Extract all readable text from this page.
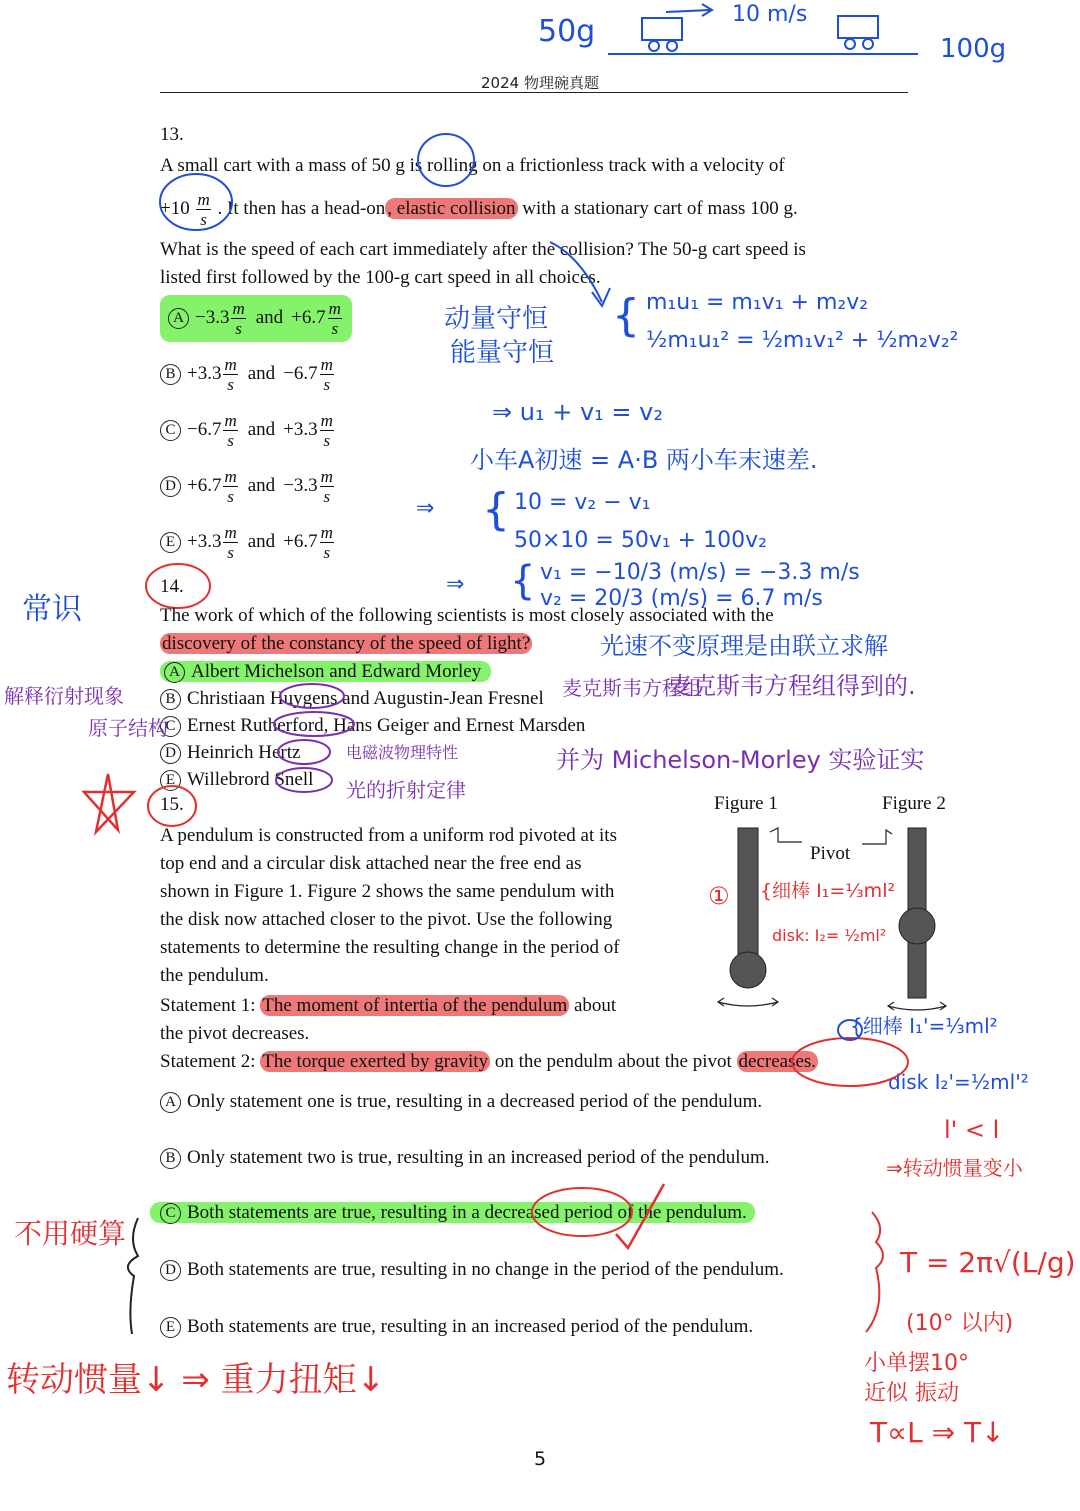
2024 物理碗真题
50g	10 m/s
100g
13.
A small cart with a mass of 50 g is rolling on a frictionless track with a velocity of
$+10 \frac{m}{s}$ . It then has a head-on , elastic collision with a stationary cart of mass 100 g.
What is the speed of each cart immediately after the collision? The 50-g cart speed is
listed first followed by the 100-g cart speed in all choices.
$A -3.3 \frac{m}{s}$ and $+6.7 \frac{m}{s}$
$B +3.3 \frac{m}{s}$ and $-6.7 \frac{m}{s}$
$C -6.7 \frac{m}{s}$ and $+3.3 \frac{m}{s}$
$D +6.7 \frac{m}{s}$ and $-3.3 \frac{m}{s}$
$E +3.3 \frac{m}{s}$ and $+6.7 \frac{m}{s}$
动量守恒
能量守恒
{ m₁u₁ = m₁v₁ + m₂v₂
½m₁u₁² = ½m₁v₁² + ½m₂v₂²
⇒ u₁ + v₁ = v₂
小车A初速 = A·B 两小车末速差.
⇒ { 10 = v₂ − v₁
50×10 = 50v₁ + 100v₂
⇒ { v₁ = −10/3 (m/s) = −3.3 m/s
v₂ = 20/3 (m/s) = 6.7 m/s
14.
常识	The work of which of the following scientists is most closely associated with the
discovery of the constancy of the speed of light?	光速不变原理是由联立求解
A Albert Michelson and Edward Morley
B Christiaan Huygens and Augustin-Jean Fresnel
C Ernest Rutherford, Hans Geiger and Ernest Marsden
D Heinrich Hertz
E Willebrord Snell
麦克斯韦方程组
麦克斯韦方程组得到的.
并为 Michelson-Morley 实验证实
解释衍射现象
原子结构
电磁波物理特性
光的折射定律
15.
A pendulum is constructed from a uniform rod pivoted at its
top end and a circular disk attached near the free end as
shown in Figure 1. Figure 2 shows the same pendulum with
the disk now attached closer to the pivot. Use the following
statements to determine the resulting change in the period of
the pendulum.
Statement 1: The moment of intertia of the pendulum about
the pivot decreases.
Statement 2: The torque exerted by gravity on the pendulm about the pivot decreases.
Figure 1	Figure 2
Pivot
① {细棒 I₁=⅓ml²
disk: I₂= ½ml²
{细棒 I₁'=⅓ml²
disk I₂'=½ml'²
l' < l
⇒转动惯量变小
A Only statement one is true, resulting in a decreased period of the pendulum.
B Only statement two is true, resulting in an increased period of the pendulum.
C Both statements are true, resulting in a decreased period of the pendulum.
D Both statements are true, resulting in no change in the period of the pendulum.
E Both statements are true, resulting in an increased period of the pendulum.
不用硬算
转动惯量↓ ⇒ 重力扭矩↓
T = 2π√(L/g)
(10° 以内)
小单摆10°
近似 振动
T∝L ⇒ T↓
5
